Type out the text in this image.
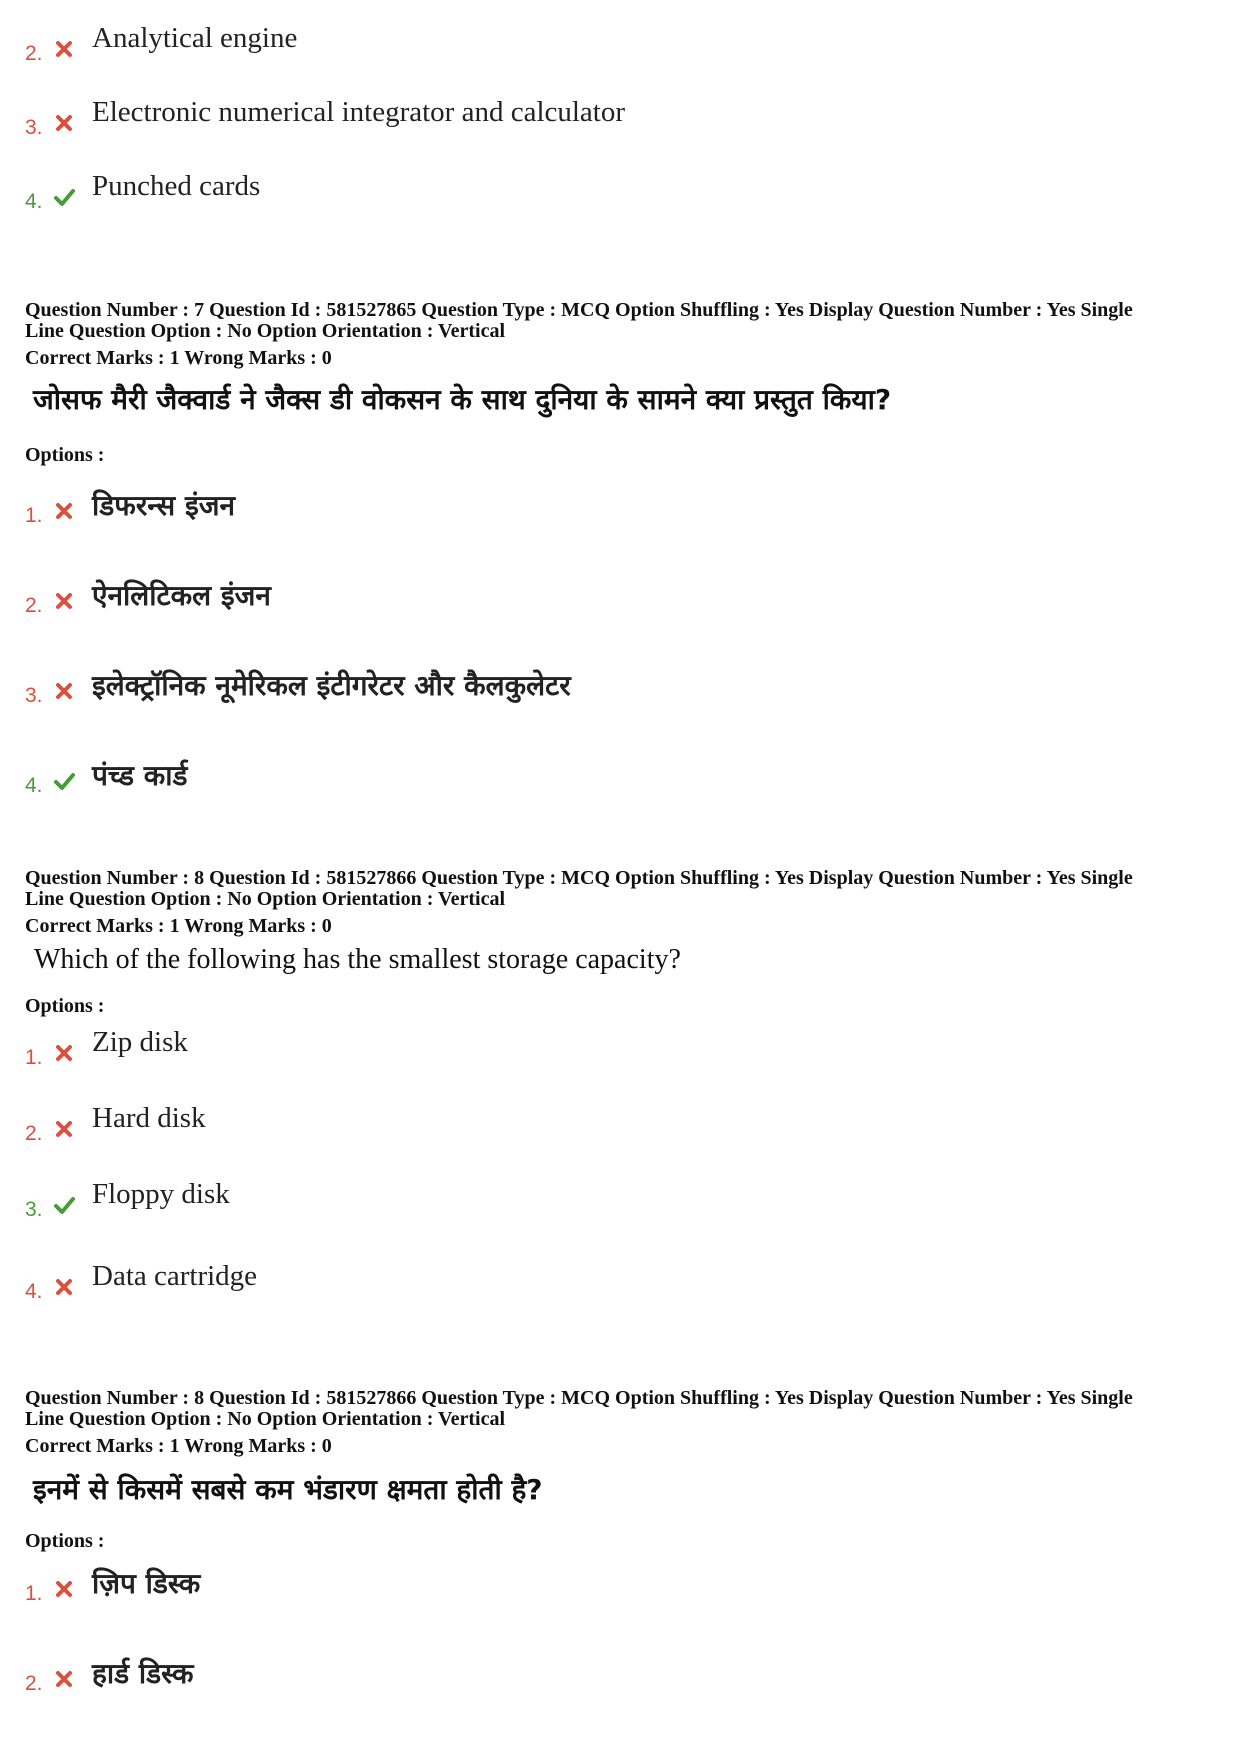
2. Analytical engine
3. Electronic numerical integrator and calculator
4. Punched cards

Question Number : 7 Question Id : 581527865 Question Type : MCQ Option Shuffling : Yes Display Question Number : Yes Single

Line Question Option : No Option Orientation : Vertical

Correct Marks : 1 Wrong Marks : 0

जोसफ मैरी जैक्वार्ड ने जैक्स डी वोकसन के साथ दुनिया के सामने क्या प्रस्तुत किया?

Options :

1. डिफरन्स इंजन
2. ऐनलिटिकल इंजन
3. इलेक्ट्रॉनिक नूमेरिकल इंटीगरेटर और कैलकुलेटर
4. पंच्ड कार्ड

Question Number : 8 Question Id : 581527866 Question Type : MCQ Option Shuffling : Yes Display Question Number : Yes Single

Line Question Option : No Option Orientation : Vertical

Correct Marks : 1 Wrong Marks : 0

Which of the following has the smallest storage capacity?

Options :

1. Zip disk
2. Hard disk
3. Floppy disk
4. Data cartridge

Question Number : 8 Question Id : 581527866 Question Type : MCQ Option Shuffling : Yes Display Question Number : Yes Single

Line Question Option : No Option Orientation : Vertical

Correct Marks : 1 Wrong Marks : 0

इनमें से किसमें सबसे कम भंडारण क्षमता होती है?

Options :

1. ज़िप डिस्क
2. हार्ड डिस्क
